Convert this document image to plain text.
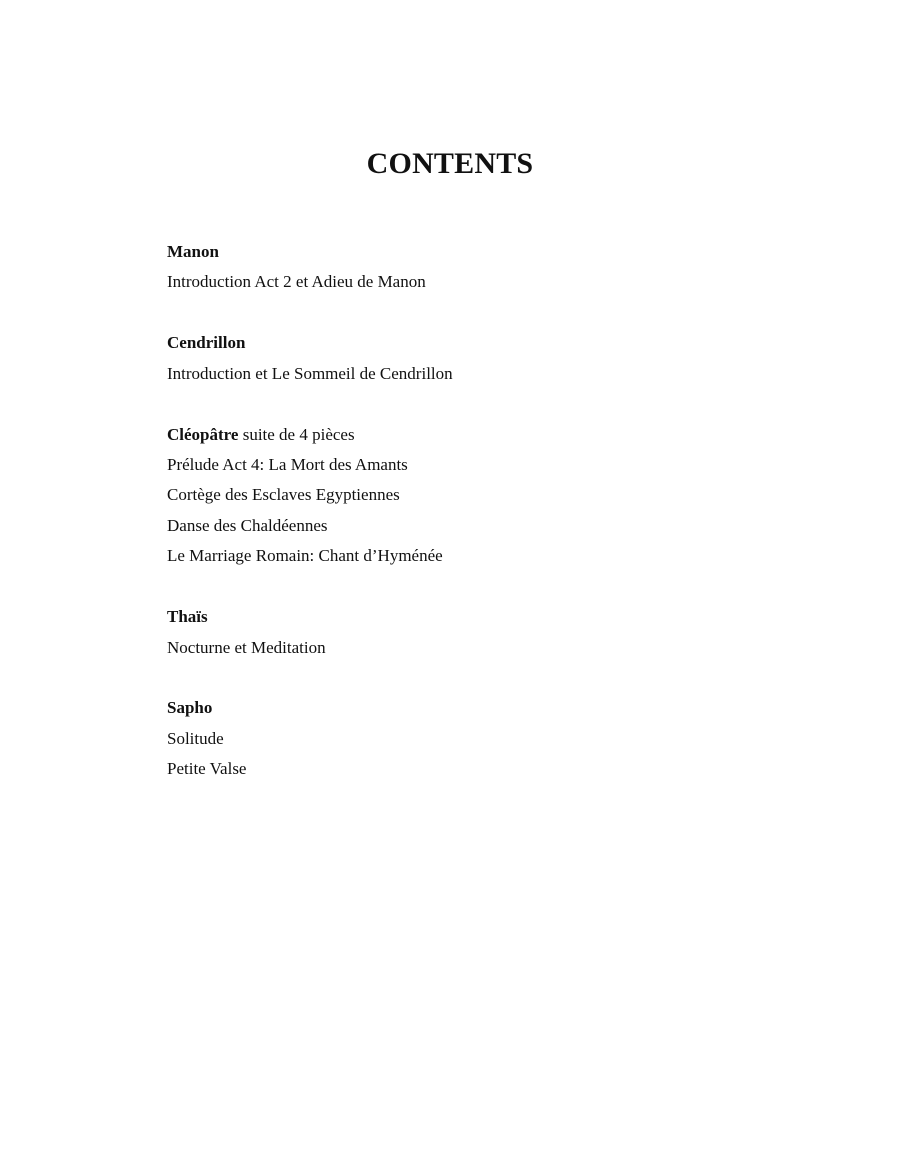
CONTENTS
Manon
Introduction Act 2 et Adieu de Manon
Cendrillon
Introduction et Le Sommeil de Cendrillon
Cléopâtre suite de 4 pièces
Prélude Act 4: La Mort des Amants
Cortège des Esclaves Egyptiennes
Danse des Chaldéennes
Le Marriage Romain: Chant d’Hyménée
Thaïs
Nocturne et Meditation
Sapho
Solitude
Petite Valse
